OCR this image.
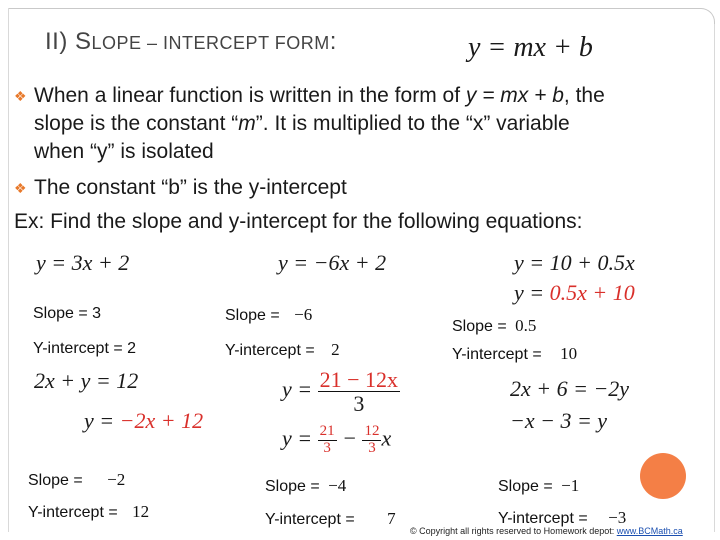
II) SLOPE – INTERCEPT FORM:	y = mx + b
❖ When a linear function is written in the form of y = mx + b, the
slope is the constant “m”. It is multiplied to the “x” variable
when “y” is isolated
❖ The constant “b” is the y-intercept
Ex: Find the slope and y-intercept for the following equations:
y = 3x + 2
Slope = 3
Y-intercept = 2
y = −6x + 2
Slope = −6
Y-intercept = 2
y = 10 + 0.5x
y = 0.5x + 10
Slope = 0.5
Y-intercept = 10
2x + y = 12
y = −2x + 12
Slope = −2
Y-intercept = 12
$y = \frac{21 - 12x}{3}$
$y = \frac{21}{3} - \frac{12}{3}$ x
Slope = −4
Y-intercept = 7
2x + 6 = −2y
−x − 3 = y
Slope = −1
Y-intercept = −3
© Copyright all rights reserved to Homework depot: www.BCMath.ca
